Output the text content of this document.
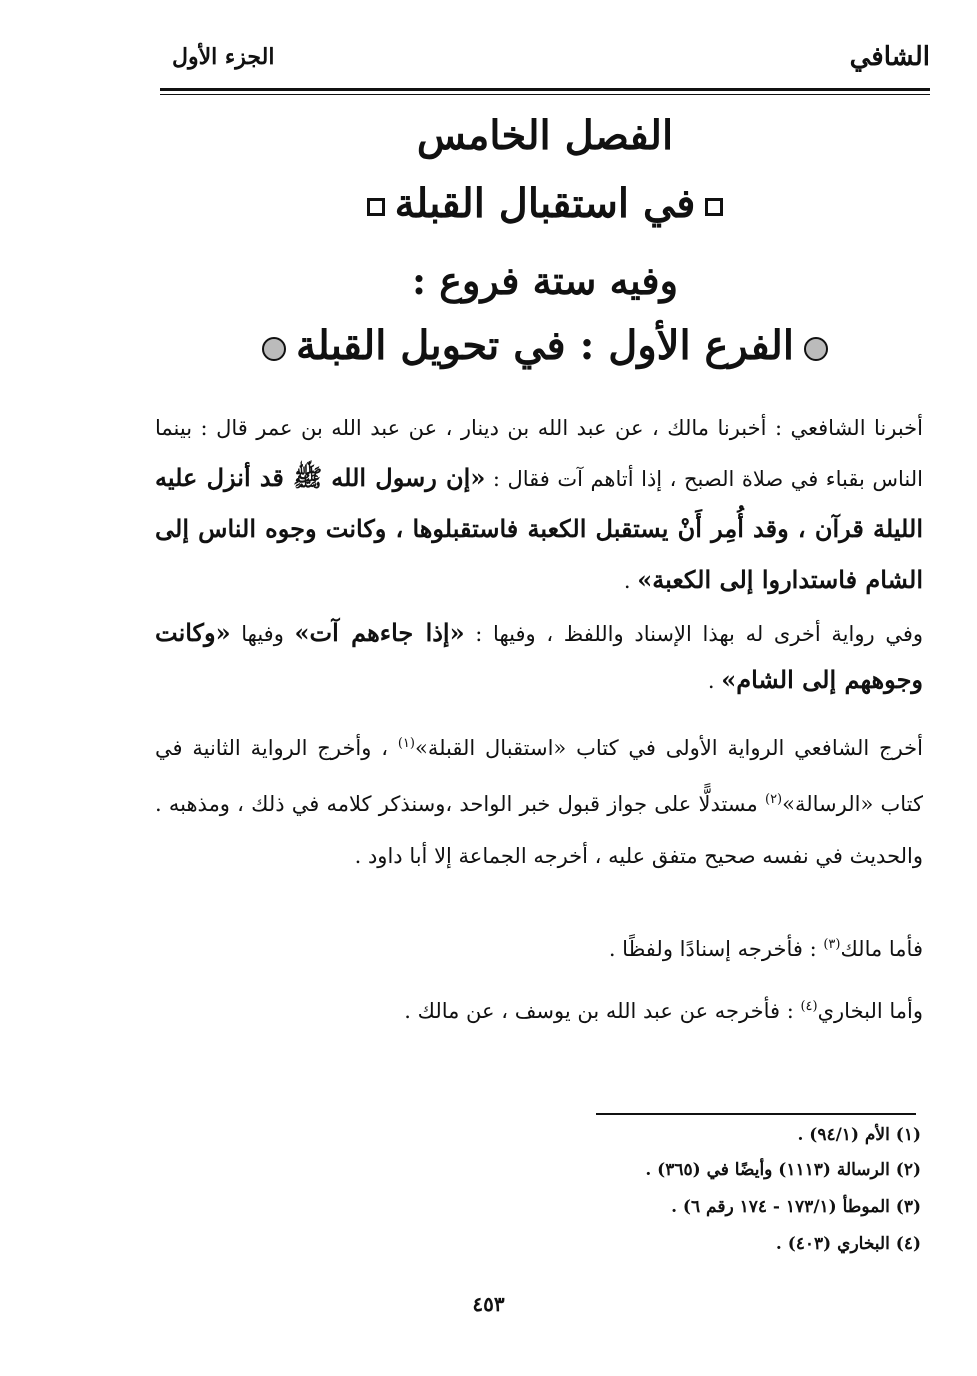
الشافي
الجزء الأول
الفصل الخامس
في استقبال القبلة
وفيه ستة فروع :
الفرع الأول : في تحويل القبلة
أخبرنا الشافعي : أخبرنا مالك ، عن عبد الله بن دينار ، عن عبد الله بن عمر قال : بينما الناس بقباء في صلاة الصبح ، إذا أتاهم آت فقال : «إن رسول الله ﷺ قد أنزل عليه الليلة قرآن ، وقد أُمِر أَنْ يستقبل الكعبة فاستقبلوها ، وكانت وجوه الناس إلى الشام فاستداروا إلى الكعبة» .
وفي رواية أخرى له بهذا الإسناد واللفظ ، وفيها : «إذا جاءهم آت» وفيها «وكانت وجوههم إلى الشام» .
أخرج الشافعي الرواية الأولى في كتاب «استقبال القبلة»$^{(١)}$ ، وأخرج الرواية الثانية في كتاب «الرسالة»$^{(٢)}$ مستدلًّا على جواز قبول خبر الواحد ،وسنذكر كلامه في ذلك ، ومذهبه . والحديث في نفسه صحيح متفق عليه ، أخرجه الجماعة إلا أبا داود .
فأما مالك$^{(٣)}$ : فأخرجه إسنادًا ولفظًا .
وأما البخاري$^{(٤)}$ : فأخرجه عن عبد الله بن يوسف ، عن مالك .
(١) الأم (٩٤/١) .
(٢) الرسالة (١١١٣) وأيضًا في (٣٦٥) .
(٣) الموطأ (١٧٣/١ - ١٧٤ رقم ٦) .
(٤) البخاري (٤٠٣) .
٤٥٣
